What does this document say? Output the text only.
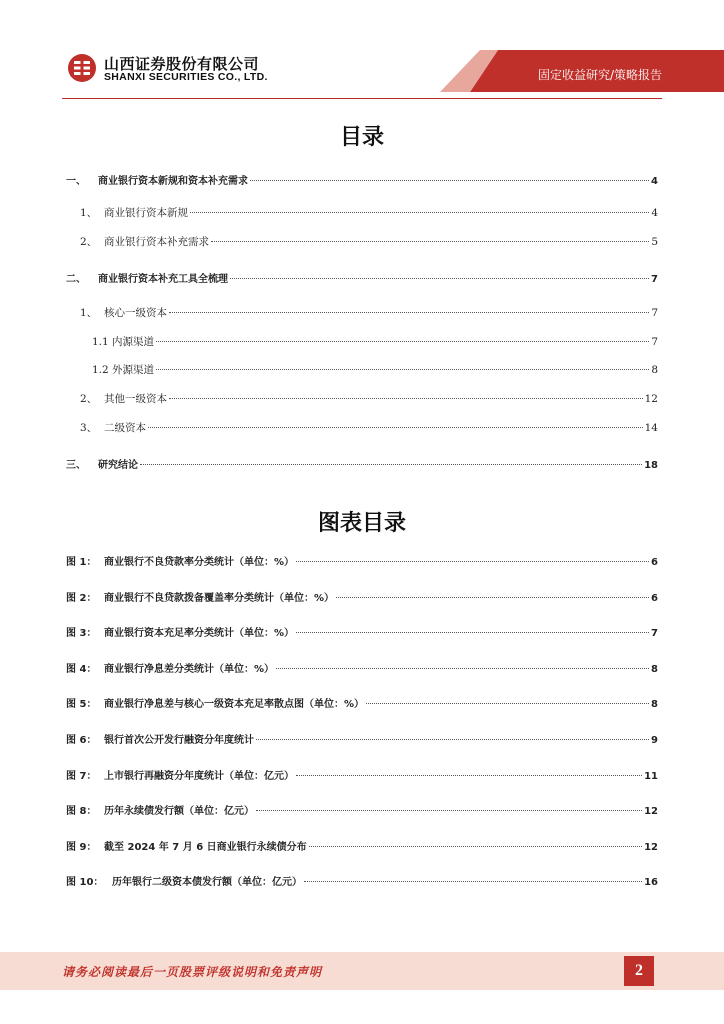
山西证券股份有限公司
SHANXI SECURITIES CO., LTD.	固定收益研究/策略报告
目录
一、	商业银行资本新规和资本补充需求	4
1、 商业银行资本新规	4
2、 商业银行资本补充需求	5
二、	商业银行资本补充工具全梳理	7
1、 核心一级资本	7
1.1 内源渠道	7
1.2 外源渠道	8
2、 其他一级资本	12
3、 二级资本	14
三、	研究结论	18
图表目录
图 1： 商业银行不良贷款率分类统计（单位：%）	6
图 2： 商业银行不良贷款拨备覆盖率分类统计（单位：%）	6
图 3： 商业银行资本充足率分类统计（单位：%）	7
图 4： 商业银行净息差分类统计（单位：%）	8
图 5： 商业银行净息差与核心一级资本充足率散点图（单位：%）	8
图 6： 银行首次公开发行融资分年度统计	9
图 7： 上市银行再融资分年度统计（单位：亿元）	11
图 8： 历年永续债发行额（单位：亿元）	12
图 9： 截至 2024 年 7 月 6 日商业银行永续债分布	12
图 10： 历年银行二级资本债发行额（单位：亿元）	16
请务必阅读最后一页股票评级说明和免责声明	2
